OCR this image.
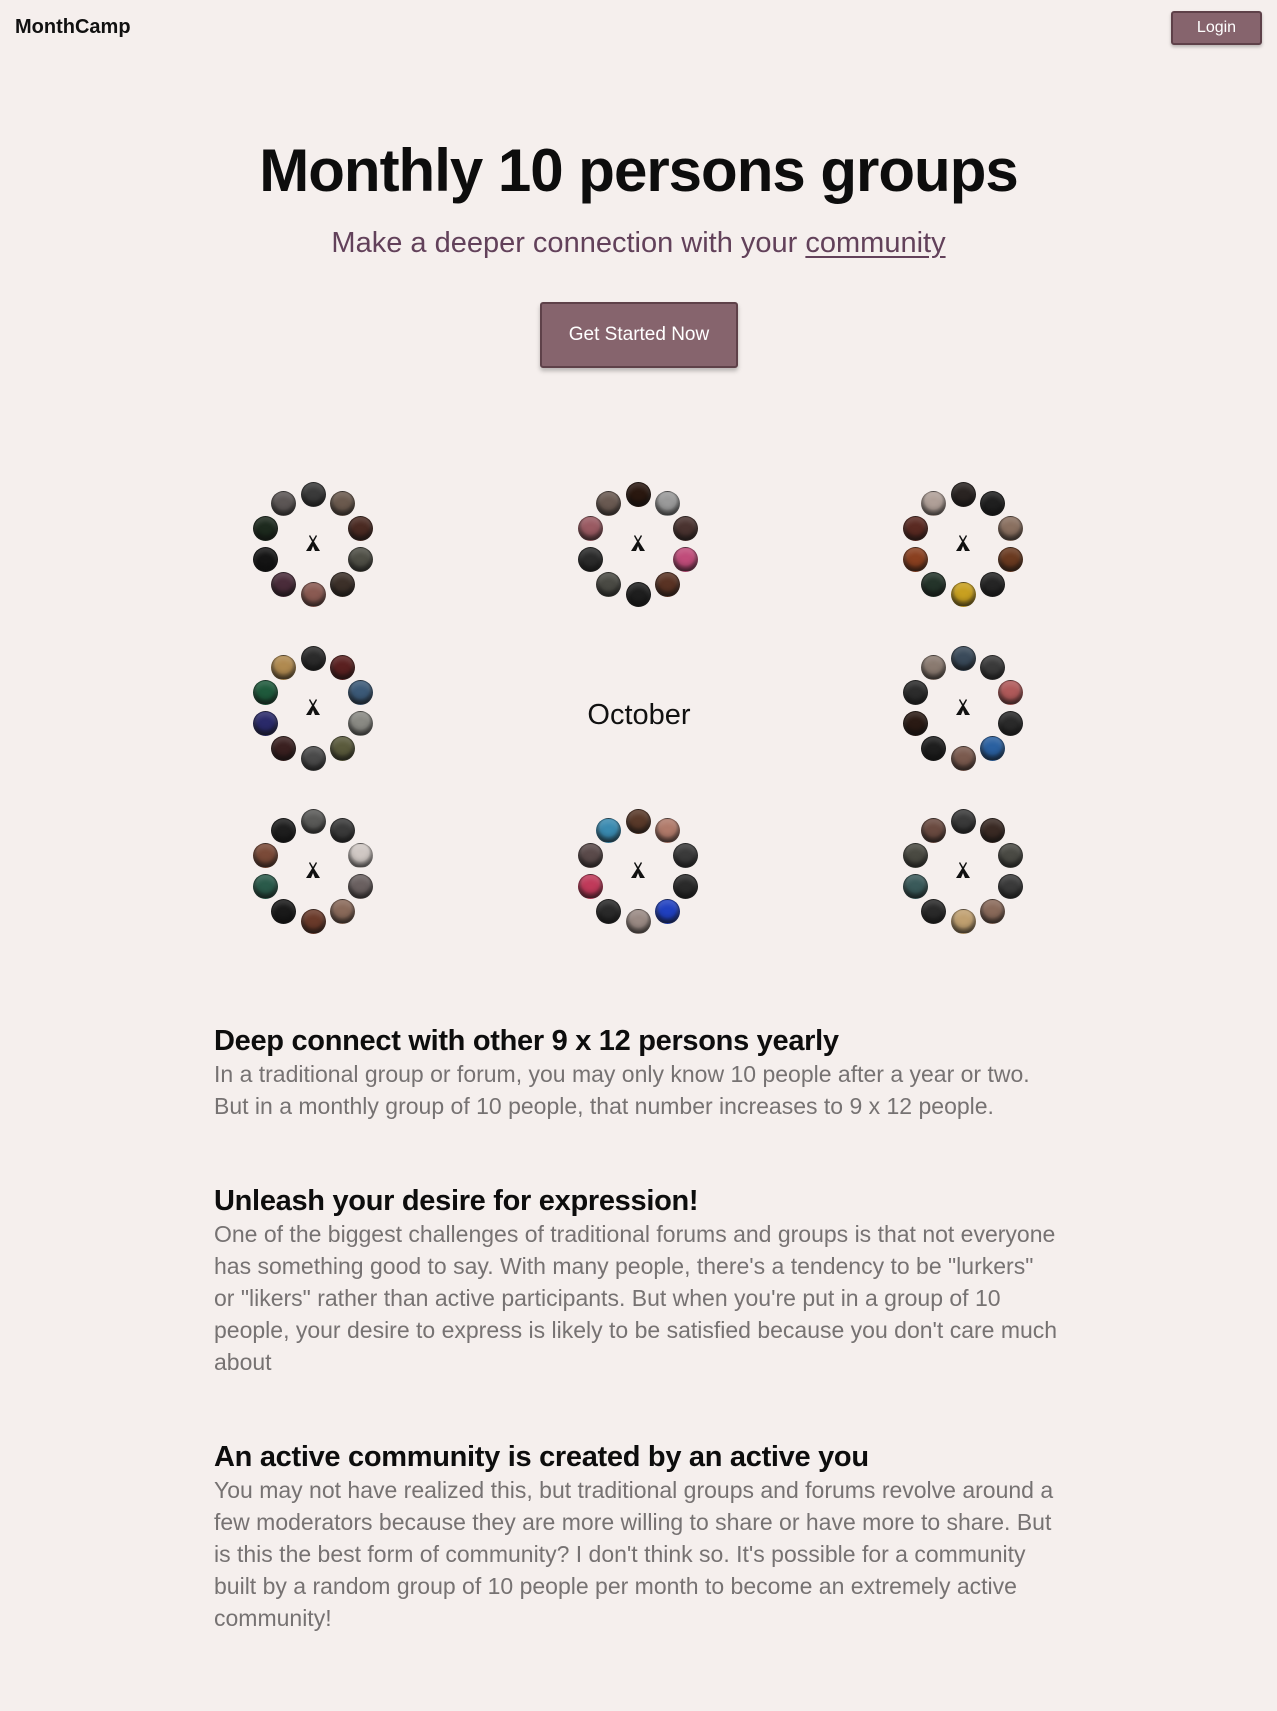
MonthCamp	Login
Monthly 10 persons groups
Make a deeper connection with your community
Get Started Now
October
Deep connect with other 9 x 12 persons yearly

In a traditional group or forum, you may only know 10 people after a year or two.
But in a monthly group of 10 people, that number increases to 9 x 12 people.

Unleash your desire for expression!

One of the biggest challenges of traditional forums and groups is that not everyone
has something good to say. With many people, there's a tendency to be "lurkers"
or "likers" rather than active participants. But when you're put in a group of 10
people, your desire to express is likely to be satisfied because you don't care much
about

An active community is created by an active you

You may not have realized this, but traditional groups and forums revolve around a
few moderators because they are more willing to share or have more to share. But
is this the best form of community? I don't think so. It's possible for a community
built by a random group of 10 people per month to become an extremely active
community!
